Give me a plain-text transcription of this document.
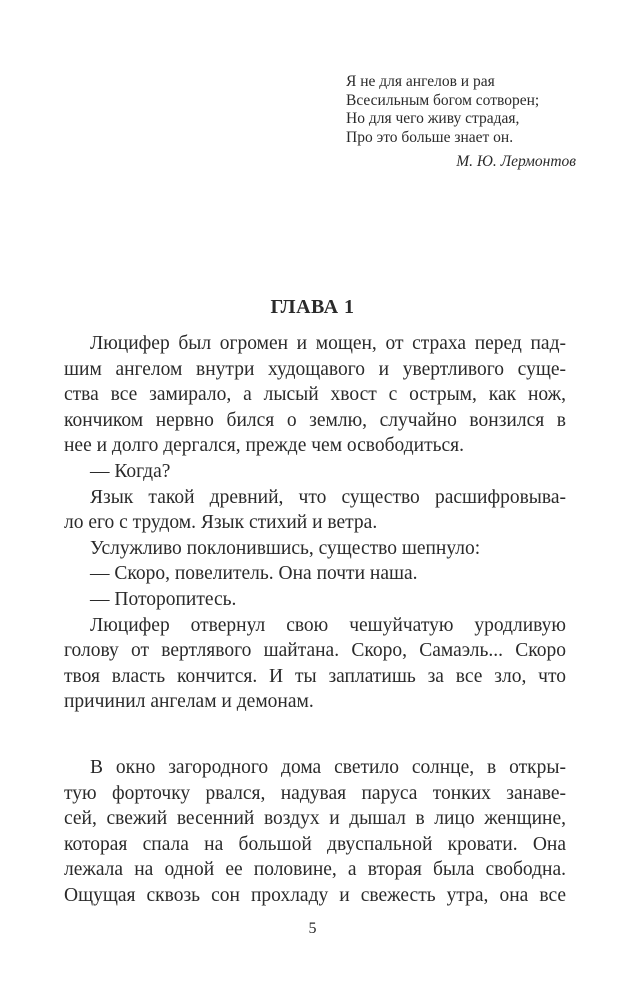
Я не для ангелов и рая
Всесильным богом сотворен;
Но для чего живу страдая,
Про это больше знает он.
М. Ю. Лермонтов
ГЛАВА 1
Люцифер был огромен и мощен, от страха перед пад-
шим ангелом внутри худощавого и увертливого суще-
ства все замирало, а лысый хвост с острым, как нож,
кончиком нервно бился о землю, случайно вонзился в
нее и долго дергался, прежде чем освободиться.
— Когда?
Язык такой древний, что существо расшифровыва-
ло его с трудом. Язык стихий и ветра.
Услужливо поклонившись, существо шепнуло:
— Скоро, повелитель. Она почти наша.
— Поторопитесь.
Люцифер отвернул свою чешуйчатую уродливую
голову от вертлявого шайтана. Скоро, Самаэль... Скоро
твоя власть кончится. И ты заплатишь за все зло, что
причинил ангелам и демонам.
В окно загородного дома светило солнце, в откры-
тую форточку рвался, надувая паруса тонких занаве-
сей, свежий весенний воздух и дышал в лицо женщине,
которая спала на большой двуспальной кровати. Она
лежала на одной ее половине, а вторая была свободна.
Ощущая сквозь сон прохладу и свежесть утра, она все
5
